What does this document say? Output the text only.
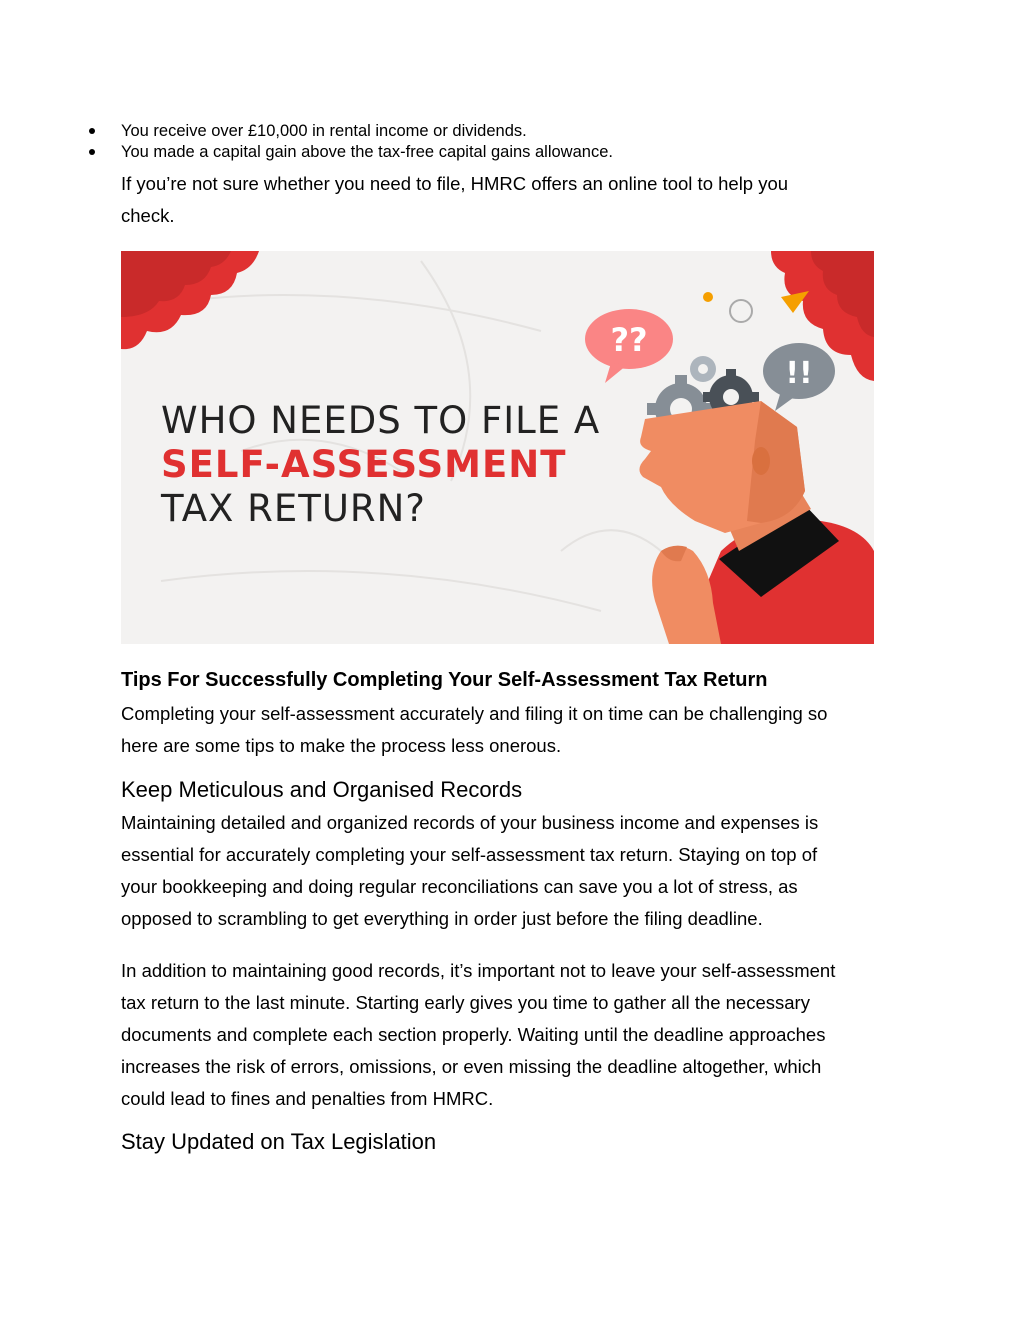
You receive over £10,000 in rental income or dividends.
You made a capital gain above the tax-free capital gains allowance.

If you’re not sure whether you need to file, HMRC offers an online tool to help you
check.

??
!!
WHO NEEDS TO FILE A
SELF-ASSESSMENT
TAX RETURN?
Tips For Successfully Completing Your Self-Assessment Tax Return

Completing your self-assessment accurately and filing it on time can be challenging so
here are some tips to make the process less onerous.

Keep Meticulous and Organised Records

Maintaining detailed and organized records of your business income and expenses is
essential for accurately completing your self-assessment tax return. Staying on top of
your bookkeeping and doing regular reconciliations can save you a lot of stress, as
opposed to scrambling to get everything in order just before the filing deadline.

In addition to maintaining good records, it’s important not to leave your self-assessment
tax return to the last minute. Starting early gives you time to gather all the necessary
documents and complete each section properly. Waiting until the deadline approaches
increases the risk of errors, omissions, or even missing the deadline altogether, which
could lead to fines and penalties from HMRC.

Stay Updated on Tax Legislation
